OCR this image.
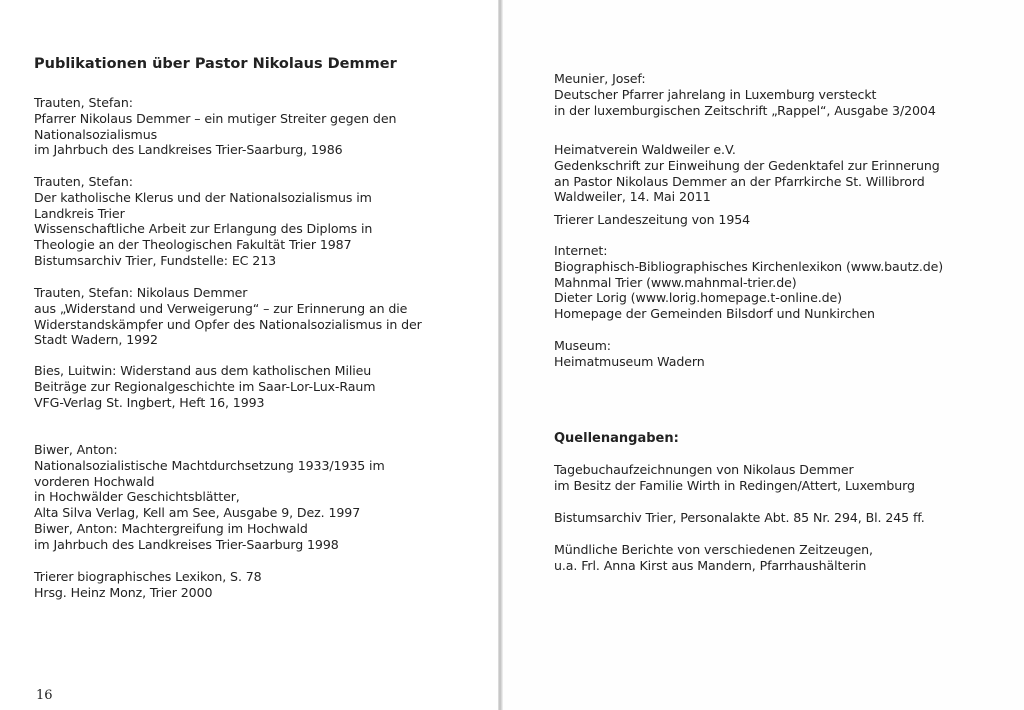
Publikationen über Pastor Nikolaus Demmer
Trauten, Stefan:
Pfarrer Nikolaus Demmer – ein mutiger Streiter gegen den
Nationalsozialismus
im Jahrbuch des Landkreises Trier-Saarburg, 1986
Trauten, Stefan:
Der katholische Klerus und der Nationalsozialismus im
Landkreis Trier
Wissenschaftliche Arbeit zur Erlangung des Diploms in
Theologie an der Theologischen Fakultät Trier 1987
Bistumsarchiv Trier, Fundstelle: EC 213
Trauten, Stefan: Nikolaus Demmer
aus „Widerstand und Verweigerung“ – zur Erinnerung an die
Widerstandskämpfer und Opfer des Nationalsozialismus in der
Stadt Wadern, 1992
Bies, Luitwin: Widerstand aus dem katholischen Milieu
Beiträge zur Regionalgeschichte im Saar-Lor-Lux-Raum
VFG-Verlag St. Ingbert, Heft 16, 1993
Biwer, Anton:
Nationalsozialistische Machtdurchsetzung 1933/1935 im
vorderen Hochwald
in Hochwälder Geschichtsblätter,
Alta Silva Verlag, Kell am See, Ausgabe 9, Dez. 1997
Biwer, Anton: Machtergreifung im Hochwald
im Jahrbuch des Landkreises Trier-Saarburg 1998
Trierer biographisches Lexikon, S. 78
Hrsg. Heinz Monz, Trier 2000
16
Meunier, Josef:
Deutscher Pfarrer jahrelang in Luxemburg versteckt
in der luxemburgischen Zeitschrift „Rappel“, Ausgabe 3/2004
Heimatverein Waldweiler e.V.
Gedenkschrift zur Einweihung der Gedenktafel zur Erinnerung
an Pastor Nikolaus Demmer an der Pfarrkirche St. Willibrord
Waldweiler, 14. Mai 2011
Trierer Landeszeitung von 1954
Internet:
Biographisch-Bibliographisches Kirchenlexikon (www.bautz.de)
Mahnmal Trier (www.mahnmal-trier.de)
Dieter Lorig (www.lorig.homepage.t-online.de)
Homepage der Gemeinden Bilsdorf und Nunkirchen
Museum:
Heimatmuseum Wadern
Quellenangaben:
Tagebuchaufzeichnungen von Nikolaus Demmer
im Besitz der Familie Wirth in Redingen/Attert, Luxemburg
Bistumsarchiv Trier, Personalakte Abt. 85 Nr. 294, Bl. 245 ff.
Mündliche Berichte von verschiedenen Zeitzeugen,
u.a. Frl. Anna Kirst aus Mandern, Pfarrhaushälterin
